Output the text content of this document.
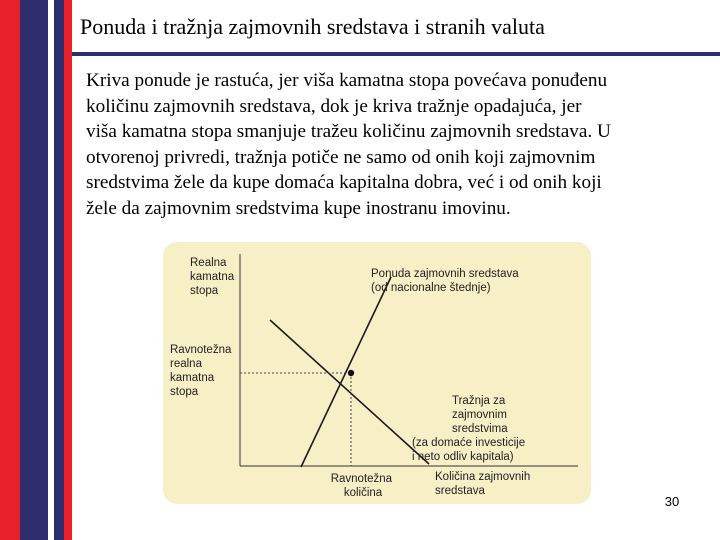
Ponuda i tražnja zajmovnih sredstava i stranih valuta
Kriva ponude je rastuća, jer viša kamatna stopa povećava ponuđenu
količinu zajmovnih sredstava, dok je kriva tražnje opadajuća, jer
viša kamatna stopa smanjuje tražeu količinu zajmovnih sredstava. U
otvorenoj privredi, tražnja potiče ne samo od onih koji zajmovnim
sredstvima žele da kupe domaća kapitalna dobra, već i od onih koji
žele da zajmovnim sredstvima kupe inostranu imovinu.
Realna kamatna stopa
Ravnotežna realna kamatna stopa
Ponuda zajmovnih sredstava (od nacionalne štednje)
Tražnja za zajmovnim sredstvima
(za domaće investicije i neto odliv kapitala)
Ravnotežna količina
Količina zajmovnih sredstava
30
